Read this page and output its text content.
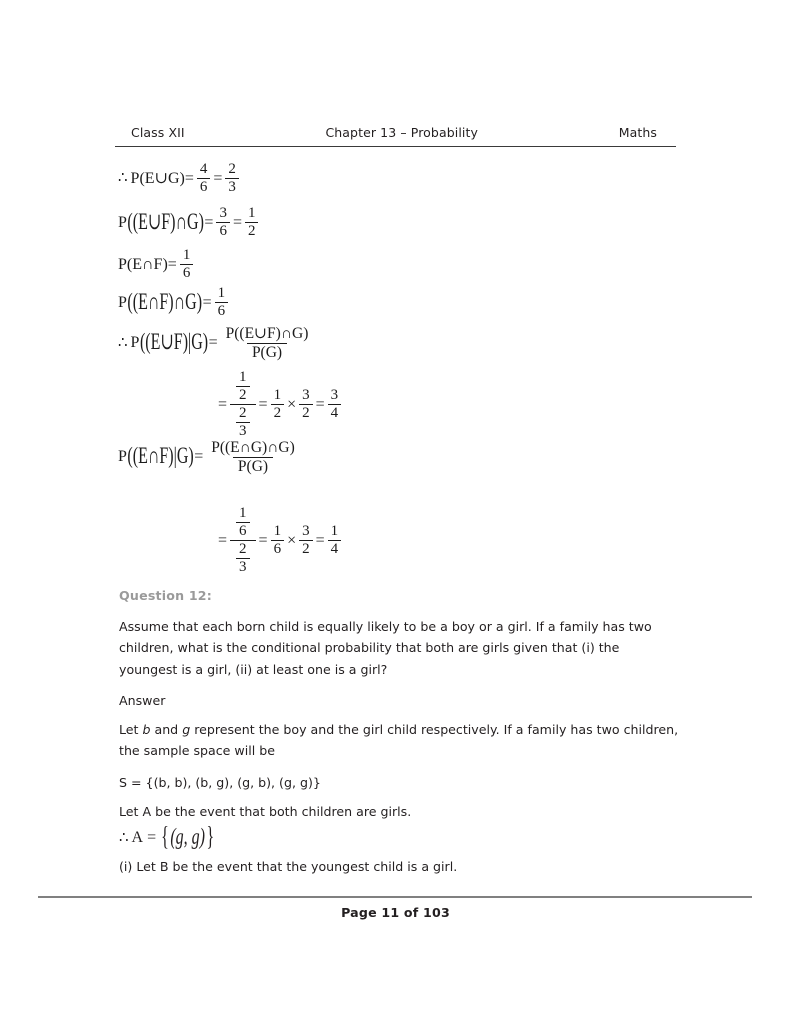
Class XII	Chapter 13 – Probability	Maths
∴ P(E∪G) = $\frac{4}{6} = \frac{2}{3}$
P ((E∪F)∩G) = $\frac{3}{6} = \frac{1}{2}$
P(E∩F) = $\frac{1}{6}$
P ((E∩F)∩G) = $\frac{1}{6}$
∴ P ((E∪F)|G) = $\frac{P((E\cup F)\cap G)}{P(G)}$
= $\frac{\frac{1}{2}}{\frac{2}{3}} = \frac{1}{2} \times \frac{3}{2} = \frac{3}{4}$
P ((E∩F)|G) = $\frac{P((E\cap G)\cap G)}{P(G)}$
= $\frac{\frac{1}{6}}{\frac{2}{3}} = \frac{1}{6} \times \frac{3}{2} = \frac{1}{4}$
Question 12:

Assume that each born child is equally likely to be a boy or a girl. If a family has two children, what is the conditional probability that both are girls given that (i) the youngest is a girl, (ii) at least one is a girl?

Answer

Let b and g represent the boy and the girl child respectively. If a family has two children, the sample space will be

S = {(b, b), (b, g), (g, b), (g, g)}

Let A be the event that both children are girls.

∴ A = { (g, g) }

(i) Let B be the event that the youngest child is a girl.

Page 11 of 103
